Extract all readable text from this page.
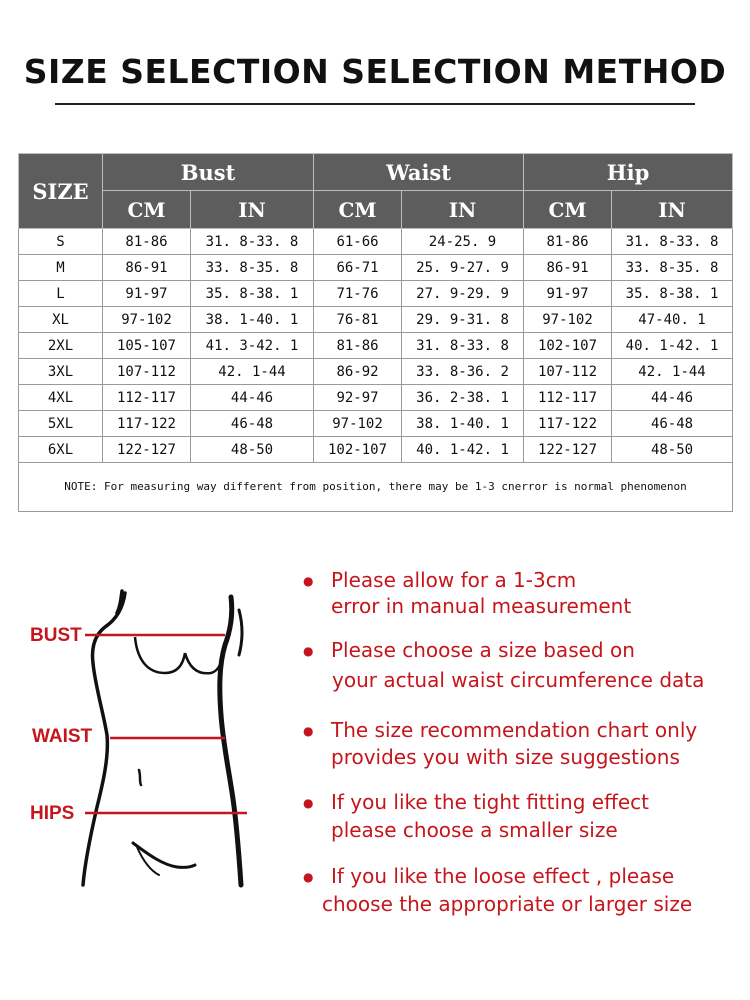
SIZE SELECTION SELECTION METHOD
SIZE	Bust		Waist		Hip	
	CM	IN	CM	IN	CM	IN
S	81-86	31. 8-33. 8	61-66	24-25. 9	81-86	31. 8-33. 8
M	86-91	33. 8-35. 8	66-71	25. 9-27. 9	86-91	33. 8-35. 8
L	91-97	35. 8-38. 1	71-76	27. 9-29. 9	91-97	35. 8-38. 1
XL	97-102	38. 1-40. 1	76-81	29. 9-31. 8	97-102	47-40. 1
2XL	105-107	41. 3-42. 1	81-86	31. 8-33. 8	102-107	40. 1-42. 1
3XL	107-112	42. 1-44	86-92	33. 8-36. 2	107-112	42. 1-44
4XL	112-117	44-46	92-97	36. 2-38. 1	112-117	44-46
5XL	117-122	46-48	97-102	38. 1-40. 1	117-122	46-48
6XL	122-127	48-50	102-107	40. 1-42. 1	122-127	48-50
NOTE: For measuring way different from position, there may be 1-3 cnerror is normal phenomenon						
BUST
WAIST
HIPS
● Please allow for a 1-3cm
error in manual measurement
● Please choose a size based on
your actual waist circumference data
● The size recommendation chart only
provides you with size suggestions
● If you like the tight fitting effect
please choose a smaller size
● If you like the loose effect , please
choose the appropriate or larger size
